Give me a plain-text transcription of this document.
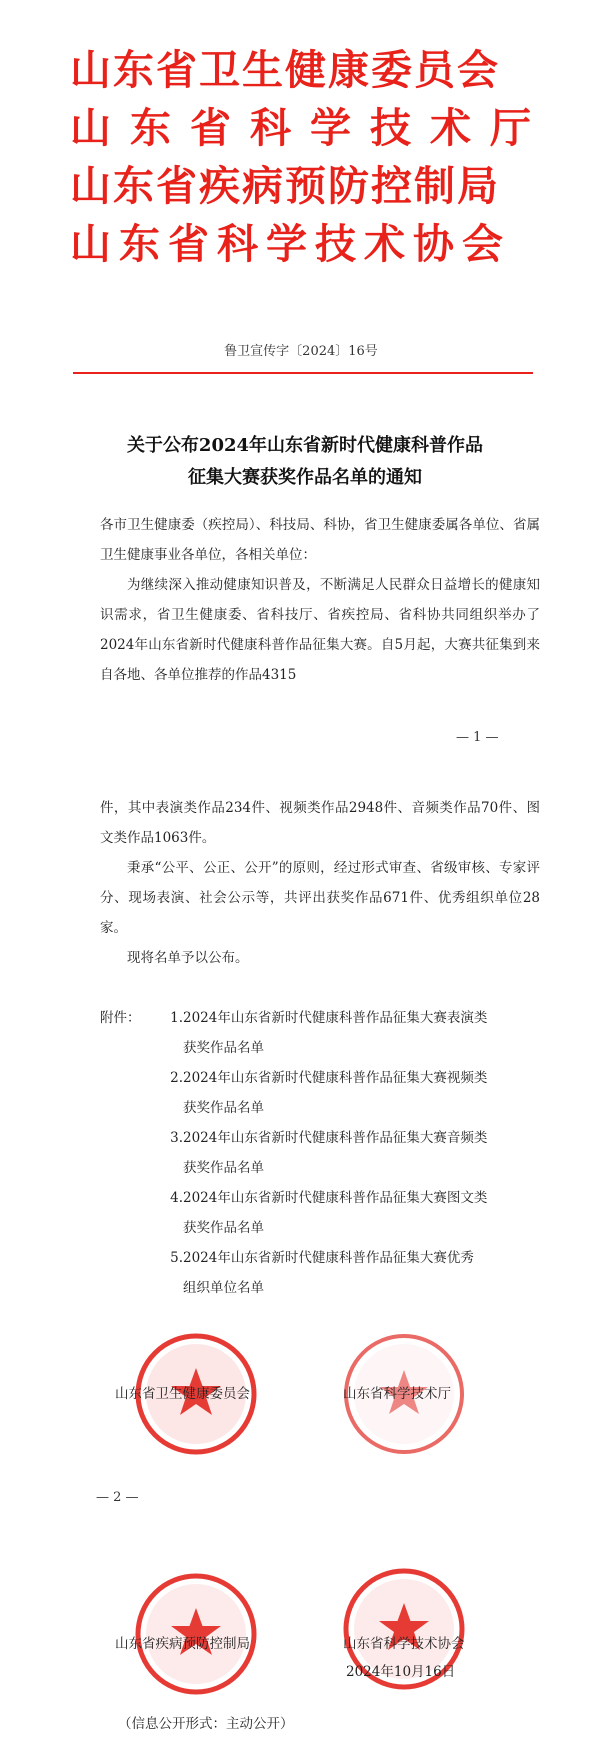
山东省卫生健康委员会
山东省科学技术厅
山东省疾病预防控制局
山东省科学技术协会
鲁卫宣传字〔2024〕16号
关于公布2024年山东省新时代健康科普作品
征集大赛获奖作品名单的通知
各市卫生健康委（疾控局）、科技局、科协，省卫生健康委属各单位、省属卫生健康事业各单位，各相关单位：
为继续深入推动健康知识普及，不断满足人民群众日益增长的健康知识需求，省卫生健康委、省科技厅、省疾控局、省科协共同组织举办了2024年山东省新时代健康科普作品征集大赛。自5月起，大赛共征集到来自各地、各单位推荐的作品4315
— 1 —
件，其中表演类作品234件、视频类作品2948件、音频类作品70件、图文类作品1063件。
秉承“公平、公正、公开”的原则，经过形式审查、省级审核、专家评分、现场表演、社会公示等，共评出获奖作品671件、优秀组织单位28家。
现将名单予以公布。
附件：	1. 2024年山东省新时代健康科普作品征集大赛表演类
获奖作品名单
2. 2024年山东省新时代健康科普作品征集大赛视频类
获奖作品名单
3. 2024年山东省新时代健康科普作品征集大赛音频类
获奖作品名单
4. 2024年山东省新时代健康科普作品征集大赛图文类
获奖作品名单
5. 2024年山东省新时代健康科普作品征集大赛优秀
组织单位名单
山东省卫生健康委员会	山东省科学技术厅
— 2 —
山东省疾病预防控制局	山东省科学技术协会
2024年10月16日
（信息公开形式：主动公开）
